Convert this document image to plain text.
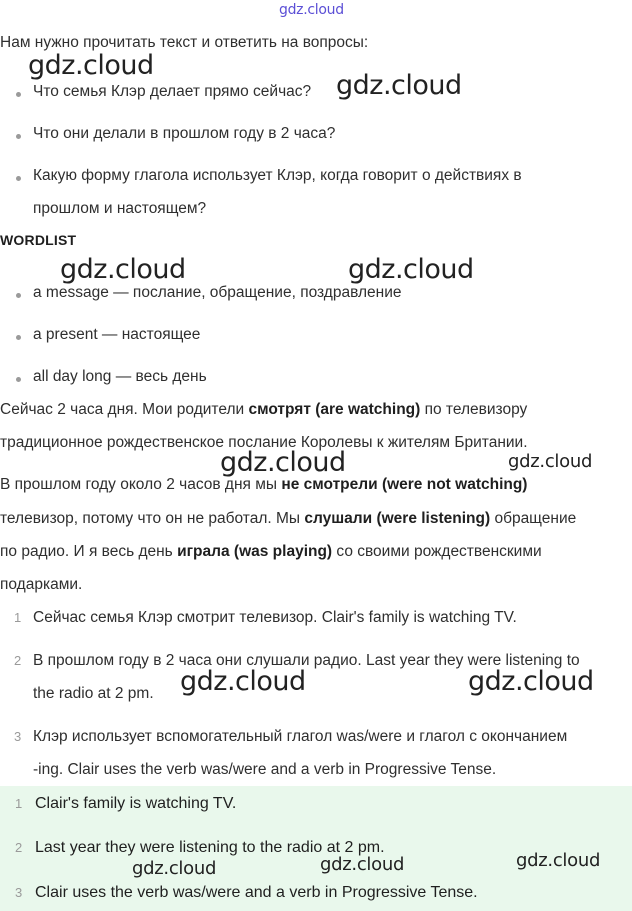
gdz.cloud
Нам нужно прочитать текст и ответить на вопросы:
Что семья Клэр делает прямо сейчас?
Что они делали в прошлом году в 2 часа?
Какую форму глагола использует Клэр, когда говорит о действиях в
прошлом и настоящем?
WORDLIST
a message — послание, обращение, поздравление
a present — настоящее
all day long — весь день
Сейчас 2 часа дня. Мои родители смотрят (are watching) по телевизору
традиционное рождественское послание Королевы к жителям Британии.
В прошлом году около 2 часов дня мы не смотрели (were not watching)
телевизор, потому что он не работал. Мы слушали (were listening) обращение
по радио. И я весь день играла (was playing) со своими рождественскими
подарками.
1 Сейчас семья Клэр смотрит телевизор. Clair's family is watching TV.
2 В прошлом году в 2 часа они слушали радио. Last year they were listening to
the radio at 2 pm.
3 Клэр использует вспомогательный глагол was/were и глагол с окончанием
-ing. Clair uses the verb was/were and a verb in Progressive Tense.
1 Clair's family is watching TV.
2 Last year they were listening to the radio at 2 pm.
3 Clair uses the verb was/were and a verb in Progressive Tense.
gdz.cloud
gdz.cloud
gdz.cloud	gdz.cloud
gdz.cloud	gdz.cloud
gdz.cloud	gdz.cloud
gdz.cloud	gdz.cloud	gdz.cloud
